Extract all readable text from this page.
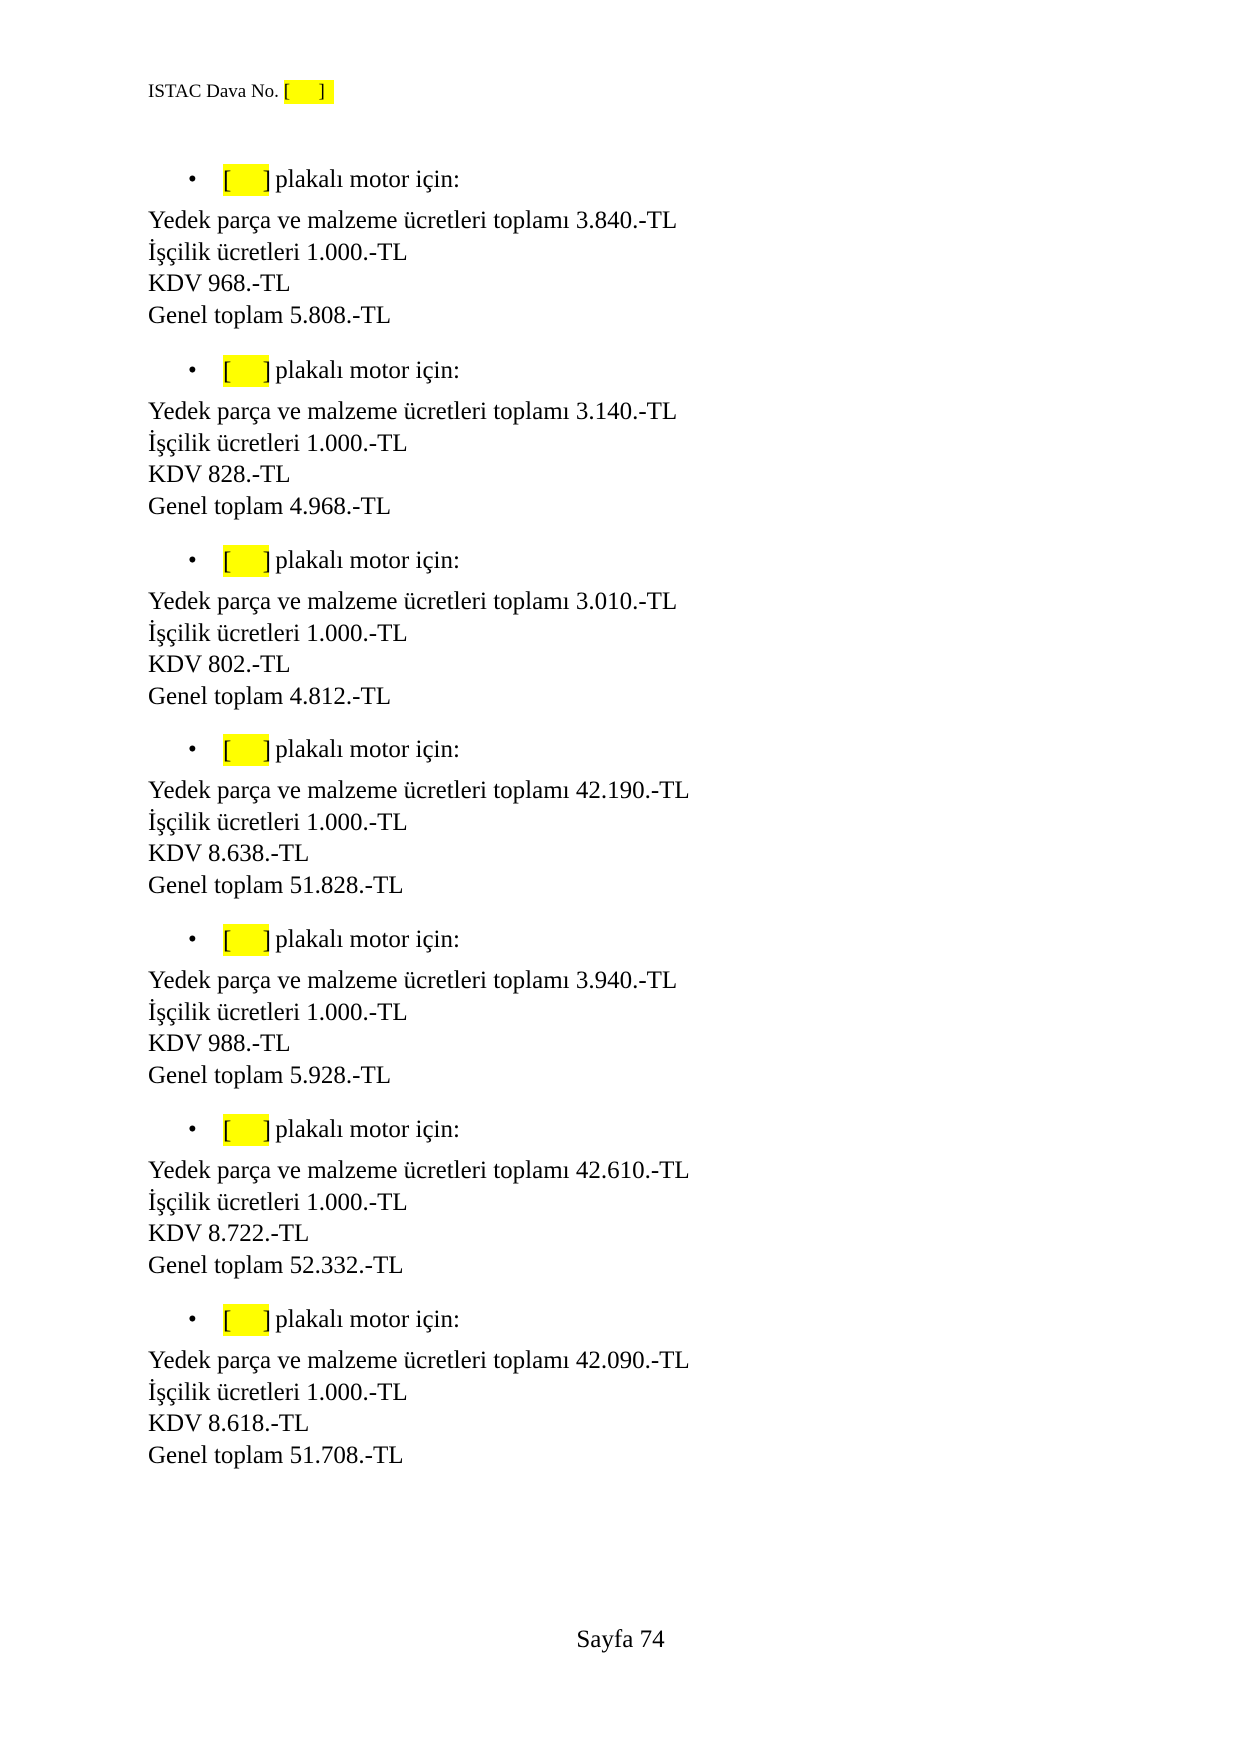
ISTAC Dava No. [ ]
• [ ] plakalı motor için:
Yedek parça ve malzeme ücretleri toplamı 3.840.-TL
İşçilik ücretleri 1.000.-TL
KDV 968.-TL
Genel toplam 5.808.-TL
• [ ] plakalı motor için:
Yedek parça ve malzeme ücretleri toplamı 3.140.-TL
İşçilik ücretleri 1.000.-TL
KDV 828.-TL
Genel toplam 4.968.-TL
• [ ] plakalı motor için:
Yedek parça ve malzeme ücretleri toplamı 3.010.-TL
İşçilik ücretleri 1.000.-TL
KDV 802.-TL
Genel toplam 4.812.-TL
• [ ] plakalı motor için:
Yedek parça ve malzeme ücretleri toplamı 42.190.-TL
İşçilik ücretleri 1.000.-TL
KDV 8.638.-TL
Genel toplam 51.828.-TL
• [ ] plakalı motor için:
Yedek parça ve malzeme ücretleri toplamı 3.940.-TL
İşçilik ücretleri 1.000.-TL
KDV 988.-TL
Genel toplam 5.928.-TL
• [ ] plakalı motor için:
Yedek parça ve malzeme ücretleri toplamı 42.610.-TL
İşçilik ücretleri 1.000.-TL
KDV 8.722.-TL
Genel toplam 52.332.-TL
• [ ] plakalı motor için:
Yedek parça ve malzeme ücretleri toplamı 42.090.-TL
İşçilik ücretleri 1.000.-TL
KDV 8.618.-TL
Genel toplam 51.708.-TL
Sayfa 74
